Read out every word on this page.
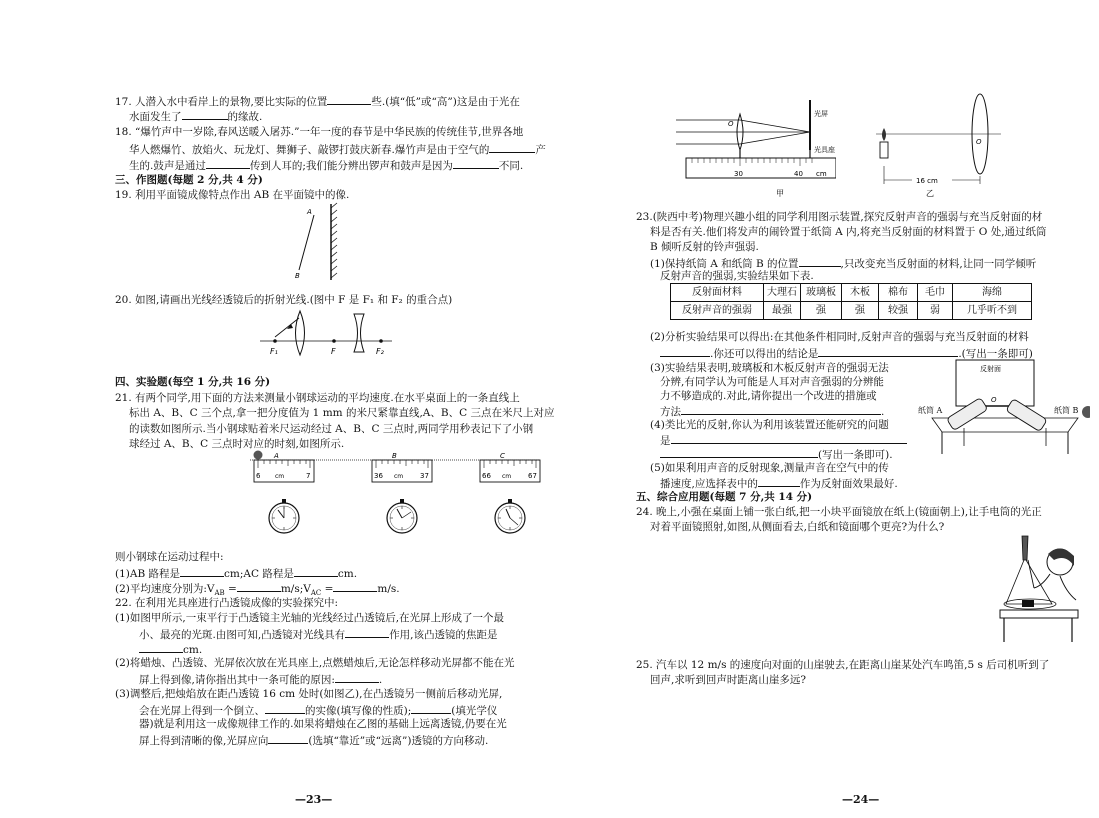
17. 人潜入水中看岸上的景物,要比实际的位置	些.(填“低”或“高”)这是由于光在
水面发生了	的缘故.
18. “爆竹声中一岁除,春风送暖入屠苏.”一年一度的春节是中华民族的传统佳节,世界各地
华人燃爆竹、放焰火、玩龙灯、舞狮子、敲锣打鼓庆新春.爆竹声是由于空气的	产
生的.鼓声是通过	传到人耳的;我们能分辨出锣声和鼓声是因为	不同.
三、作图题(每题 2 分,共 4 分)
19. 利用平面镜成像特点作出 AB 在平面镜中的像.
A
B
20. 如图,请画出光线经透镜后的折射光线.(图中 F 是 F₁ 和 F₂ 的重合点)
F₁	F	F₂
四、实验题(每空 1 分,共 16 分)
21. 有两个同学,用下面的方法来测量小钢球运动的平均速度.在水平桌面上的一条直线上
标出 A、B、C 三个点,拿一把分度值为 1 mm 的米尺紧靠直线,A、B、C 三点在米尺上对应
的读数如图所示.当小钢球贴着米尺运动经过 A、B、C 三点时,两同学用秒表记下了小钢
球经过 A、B、C 三点时对应的时刻,如图所示.
A	B	C
6 cm	7	36 cm 37	66 cm 67
则小钢球在运动过程中:
(1)AB 路程是	cm;AC 路程是	cm.
(2)平均速度分别为$:V_{AB}$ =	$m/s;V_{AC}$ =	m/s.
22. 在利用光具座进行凸透镜成像的实验探究中:
(1)如图甲所示,一束平行于凸透镜主光轴的光线经过凸透镜后,在光屏上形成了一个最
小、最亮的光斑.由图可知,凸透镜对光线具有	作用,该凸透镜的焦距是
cm.
(2)将蜡烛、凸透镜、光屏依次放在光具座上,点燃蜡烛后,无论怎样移动光屏都不能在光
屏上得到像,请你指出其中一条可能的原因:	.
(3)调整后,把烛焰放在距凸透镜 16 cm 处时(如图乙),在凸透镜另一侧前后移动光屏,
会在光屏上得到一个倒立、	的实像(填写像的性质);	(填光学仪
器)就是利用这一成像规律工作的.如果将蜡烛在乙图的基础上远离透镜,仍要在光
屏上得到清晰的像,光屏应向	(选填“靠近”或“远离”)透镜的方向移动.
—23—
30	40 cm
O
光屏
光具座
甲
O
16 cm
乙
23.(陕西中考)物理兴趣小组的同学利用图示装置,探究反射声音的强弱与充当反射面的材
料是否有关.他们将发声的闹铃置于纸筒 A 内,将充当反射面的材料置于 O 处,通过纸筒
B 倾听反射的铃声强弱.
(1)保持纸筒 A 和纸筒 B 的位置	,只改变充当反射面的材料,让同一同学倾听
反射声音的强弱,实验结果如下表.
反射面材料	大理石	玻璃板	木板	棉布	毛巾	海绵
反射声音的强弱	最强	强	强	较强	弱	几乎听不到
(2)分析实验结果可以得出:在其他条件相同时,反射声音的强弱与充当反射面的材料
.你还可以得出的结论是	.(写出一条即可)
(3)实验结果表明,玻璃板和木板反射声音的强弱无法
分辨,有同学认为可能是人耳对声音强弱的分辨能
力不够造成的.对此,请你提出一个改进的措施或
方法	.
(4)类比光的反射,你认为利用该装置还能研究的问题
是
(写出一条即可).
(5)如果利用声音的反射现象,测量声音在空气中的传
播速度,应选择表中的	作为反射面效果最好.
反射面
O
纸筒 A	纸筒 B
五、综合应用题(每题 7 分,共 14 分)
24. 晚上,小强在桌面上铺一张白纸,把一小块平面镜放在纸上(镜面朝上),让手电筒的光正
对着平面镜照射,如图,从侧面看去,白纸和镜面哪个更亮?为什么?
25. 汽车以 12 m/s 的速度向对面的山崖驶去,在距离山崖某处汽车鸣笛,5 s 后司机听到了
回声,求听到回声时距离山崖多远?
—24—
